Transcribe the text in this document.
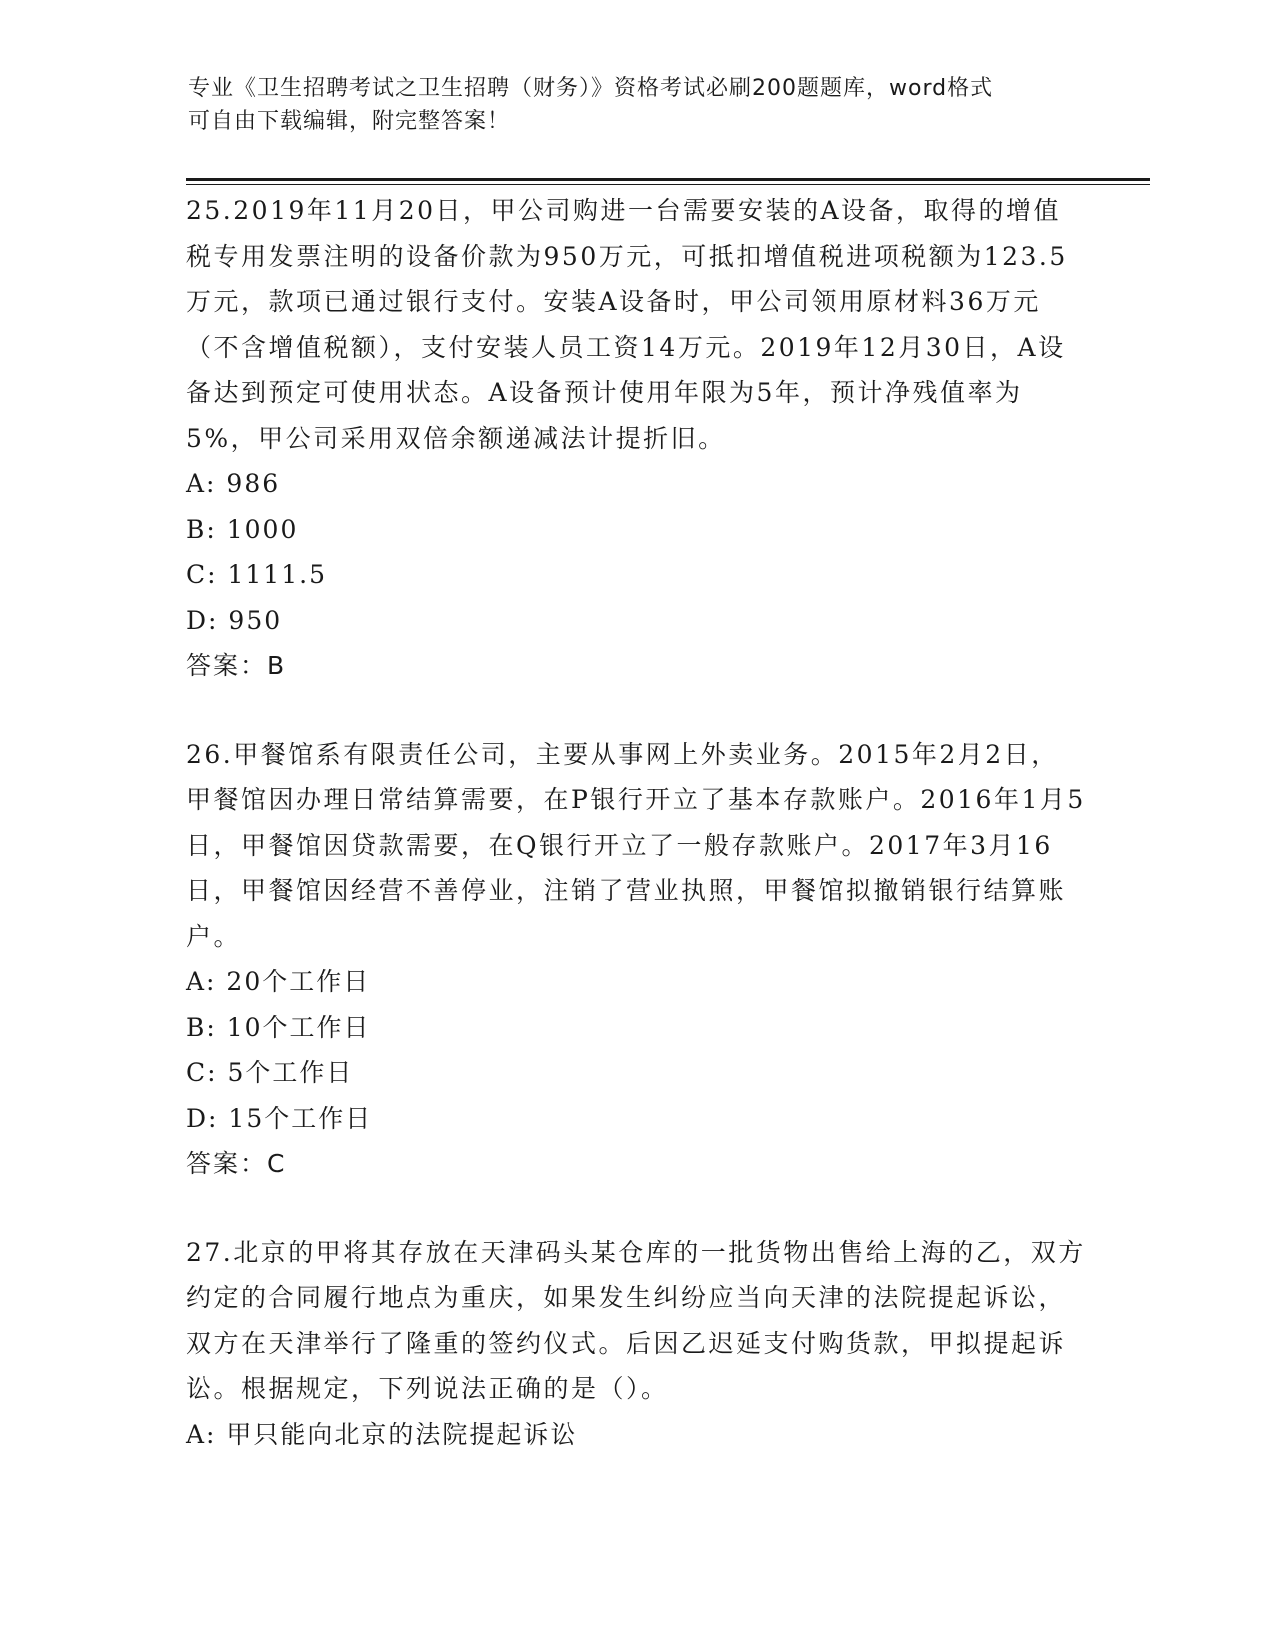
专业《卫生招聘考试之卫生招聘（财务）》资格考试必刷200题题库，word格式
可自由下载编辑，附完整答案！

25.2019年11月20日，甲公司购进一台需要安装的A设备，取得的增值税专用发票注明的设备价款为950万元，可抵扣增值税进项税额为123.5万元，款项已通过银行支付。安装A设备时，甲公司领用原材料36万元（不含增值税额），支付安装人员工资14万元。2019年12月30日，A设备达到预定可使用状态。A设备预计使用年限为5年，预计净残值率为5%，甲公司采用双倍余额递减法计提折旧。

A: 986

B: 1000

C: 1111.5

D: 950

答案：B

26.甲餐馆系有限责任公司，主要从事网上外卖业务。2015年2月2日，甲餐馆因办理日常结算需要，在P银行开立了基本存款账户。2016年1月5日，甲餐馆因贷款需要，在Q银行开立了一般存款账户。2017年3月16日，甲餐馆因经营不善停业，注销了营业执照，甲餐馆拟撤销银行结算账户。

A: 20个工作日

B: 10个工作日

C: 5个工作日

D: 15个工作日

答案：C

27.北京的甲将其存放在天津码头某仓库的一批货物出售给上海的乙，双方约定的合同履行地点为重庆，如果发生纠纷应当向天津的法院提起诉讼，双方在天津举行了隆重的签约仪式。后因乙迟延支付购货款，甲拟提起诉讼。根据规定，下列说法正确的是（）。

A: 甲只能向北京的法院提起诉讼
